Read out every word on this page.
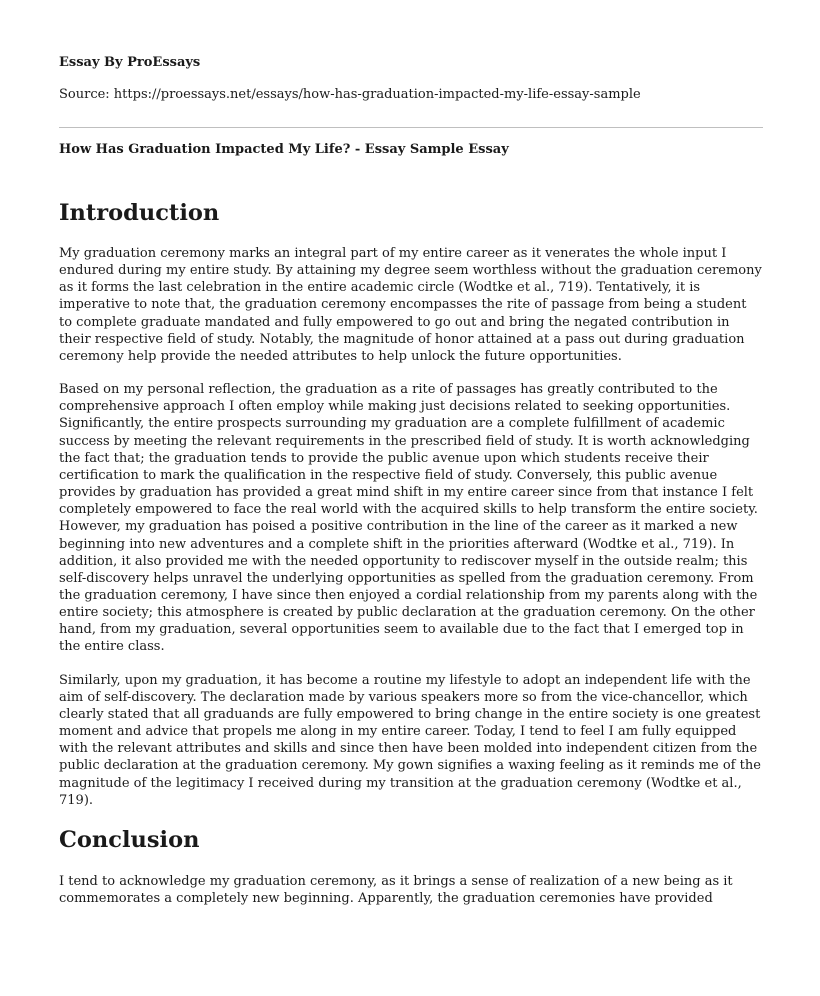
Essay By ProEssays
Source: https://proessays.net/essays/how-has-graduation-impacted-my-life-essay-sample
How Has Graduation Impacted My Life? - Essay Sample Essay
Introduction

My graduation ceremony marks an integral part of my entire career as it venerates the whole input I endured during my entire study. By attaining my degree seem worthless without the graduation ceremony as it forms the last celebration in the entire academic circle (Wodtke et al., 719). Tentatively, it is imperative to note that, the graduation ceremony encompasses the rite of passage from being a student to complete graduate mandated and fully empowered to go out and bring the negated contribution in their respective field of study. Notably, the magnitude of honor attained at a pass out during graduation ceremony help provide the needed attributes to help unlock the future opportunities.

Based on my personal reflection, the graduation as a rite of passages has greatly contributed to the comprehensive approach I often employ while making just decisions related to seeking opportunities. Significantly, the entire prospects surrounding my graduation are a complete fulfillment of academic success by meeting the relevant requirements in the prescribed field of study. It is worth acknowledging the fact that; the graduation tends to provide the public avenue upon which students receive their certification to mark the qualification in the respective field of study. Conversely, this public avenue provides by graduation has provided a great mind shift in my entire career since from that instance I felt completely empowered to face the real world with the acquired skills to help transform the entire society. However, my graduation has poised a positive contribution in the line of the career as it marked a new beginning into new adventures and a complete shift in the priorities afterward (Wodtke et al., 719). In addition, it also provided me with the needed opportunity to rediscover myself in the outside realm; this self-discovery helps unravel the underlying opportunities as spelled from the graduation ceremony. From the graduation ceremony, I have since then enjoyed a cordial relationship from my parents along with the entire society; this atmosphere is created by public declaration at the graduation ceremony. On the other hand, from my graduation, several opportunities seem to available due to the fact that I emerged top in the entire class.

Similarly, upon my graduation, it has become a routine my lifestyle to adopt an independent life with the aim of self-discovery. The declaration made by various speakers more so from the vice-chancellor, which clearly stated that all graduands are fully empowered to bring change in the entire society is one greatest moment and advice that propels me along in my entire career. Today, I tend to feel I am fully equipped with the relevant attributes and skills and since then have been molded into independent citizen from the public declaration at the graduation ceremony. My gown signifies a waxing feeling as it reminds me of the magnitude of the legitimacy I received during my transition at the graduation ceremony (Wodtke et al., 719).

Conclusion

I tend to acknowledge my graduation ceremony, as it brings a sense of realization of a new being as it commemorates a completely new beginning. Apparently, the graduation ceremonies have provided
